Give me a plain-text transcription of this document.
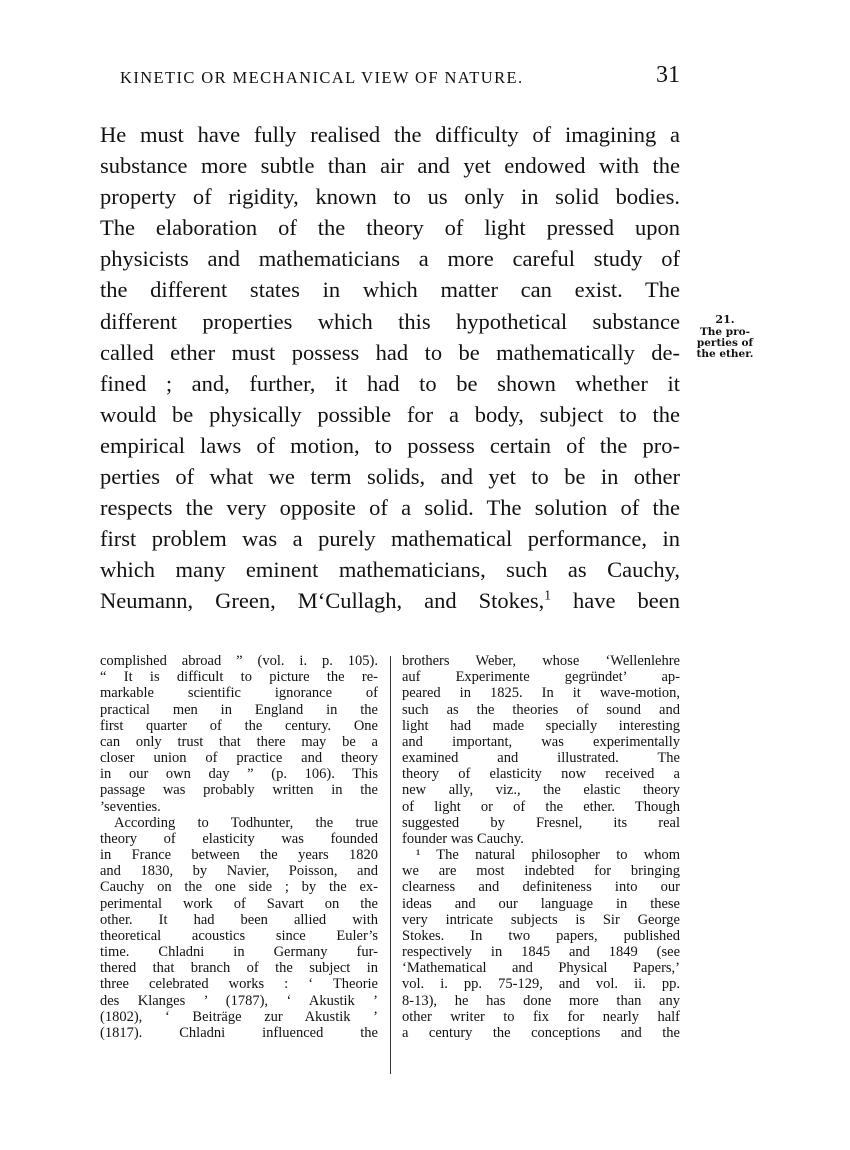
KINETIC OR MECHANICAL VIEW OF NATURE.	31
He must have fully realised the difficulty of imagining a
substance more subtle than air and yet endowed with the
property of rigidity, known to us only in solid bodies.
The elaboration of the theory of light pressed upon
physicists and mathematicians a more careful study of
the different states in which matter can exist. The
different properties which this hypothetical substance
called ether must possess had to be mathematically de-
fined ; and, further, it had to be shown whether it
would be physically possible for a body, subject to the
empirical laws of motion, to possess certain of the pro-
perties of what we term solids, and yet to be in other
respects the very opposite of a solid. The solution of the
first problem was a purely mathematical performance, in
which many eminent mathematicians, such as Cauchy,
Neumann, Green, M‘Cullagh, and Stokes,$^1$ have been
21.
The pro-
perties of
the ether.
complished abroad ” (vol. i. p. 105).
“ It is difficult to picture the re-
markable scientific ignorance of
practical men in England in the
first quarter of the century. One
can only trust that there may be a
closer union of practice and theory
in our own day ” (p. 106). This
passage was probably written in the
’seventies.
According to Todhunter, the true
theory of elasticity was founded
in France between the years 1820
and 1830, by Navier, Poisson, and
Cauchy on the one side ; by the ex-
perimental work of Savart on the
other. It had been allied with
theoretical acoustics since Euler’s
time. Chladni in Germany fur-
thered that branch of the subject in
three celebrated works : ‘ Theorie
des Klanges ’ (1787), ‘ Akustik ’
(1802), ‘ Beiträge zur Akustik ’
(1817). Chladni influenced the
brothers Weber, whose ‘Wellenlehre
auf Experimente gegründet’ ap-
peared in 1825. In it wave-motion,
such as the theories of sound and
light had made specially interesting
and important, was experimentally
examined and illustrated. The
theory of elasticity now received a
new ally, viz., the elastic theory
of light or of the ether. Though
suggested by Fresnel, its real
founder was Cauchy.
¹ The natural philosopher to whom
we are most indebted for bringing
clearness and definiteness into our
ideas and our language in these
very intricate subjects is Sir George
Stokes. In two papers, published
respectively in 1845 and 1849 (see
‘Mathematical and Physical Papers,’
vol. i. pp. 75-129, and vol. ii. pp.
8-13), he has done more than any
other writer to fix for nearly half
a century the conceptions and the
